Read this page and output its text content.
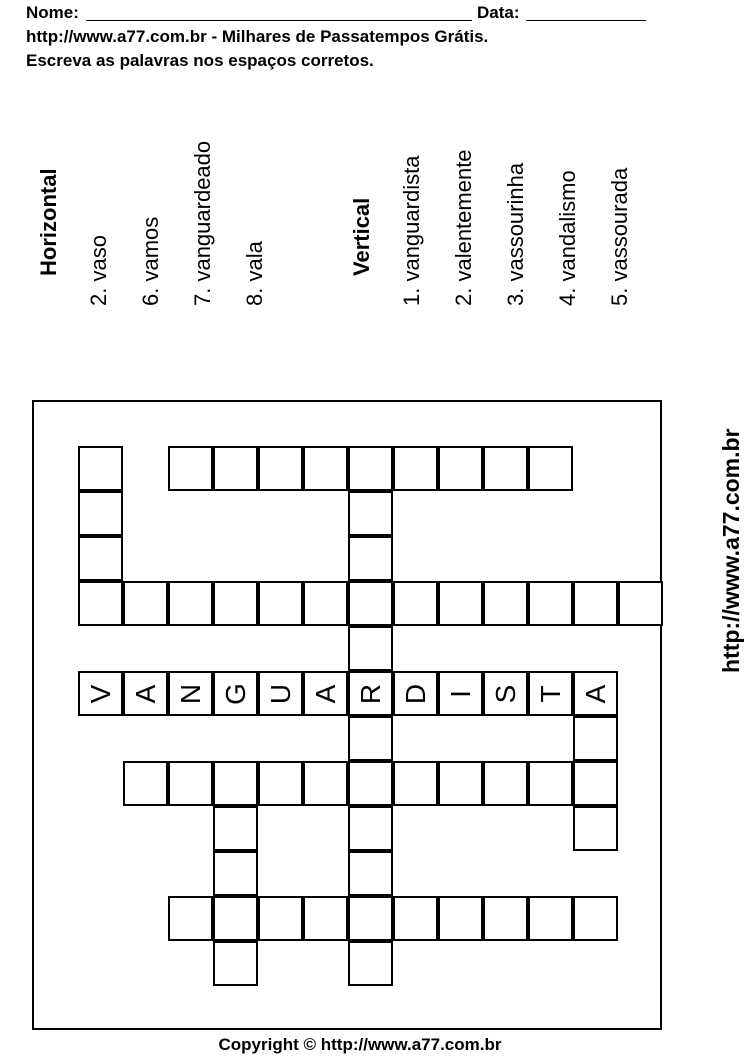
Nome:	Data:
http://www.a77.com.br - Milhares de Passatempos Grátis.
Escreva as palavras nos espaços corretos.
Horizontal 2. vaso 6. vamos 7. vanguardeado 8. vala	Vertical 1. vanguardista 2. valentemente 3. vassourinha 4. vandalismo 5. vassourada
R
V A N G U A D I S T A
http://www.a77.com.br
Copyright © http://www.a77.com.br
